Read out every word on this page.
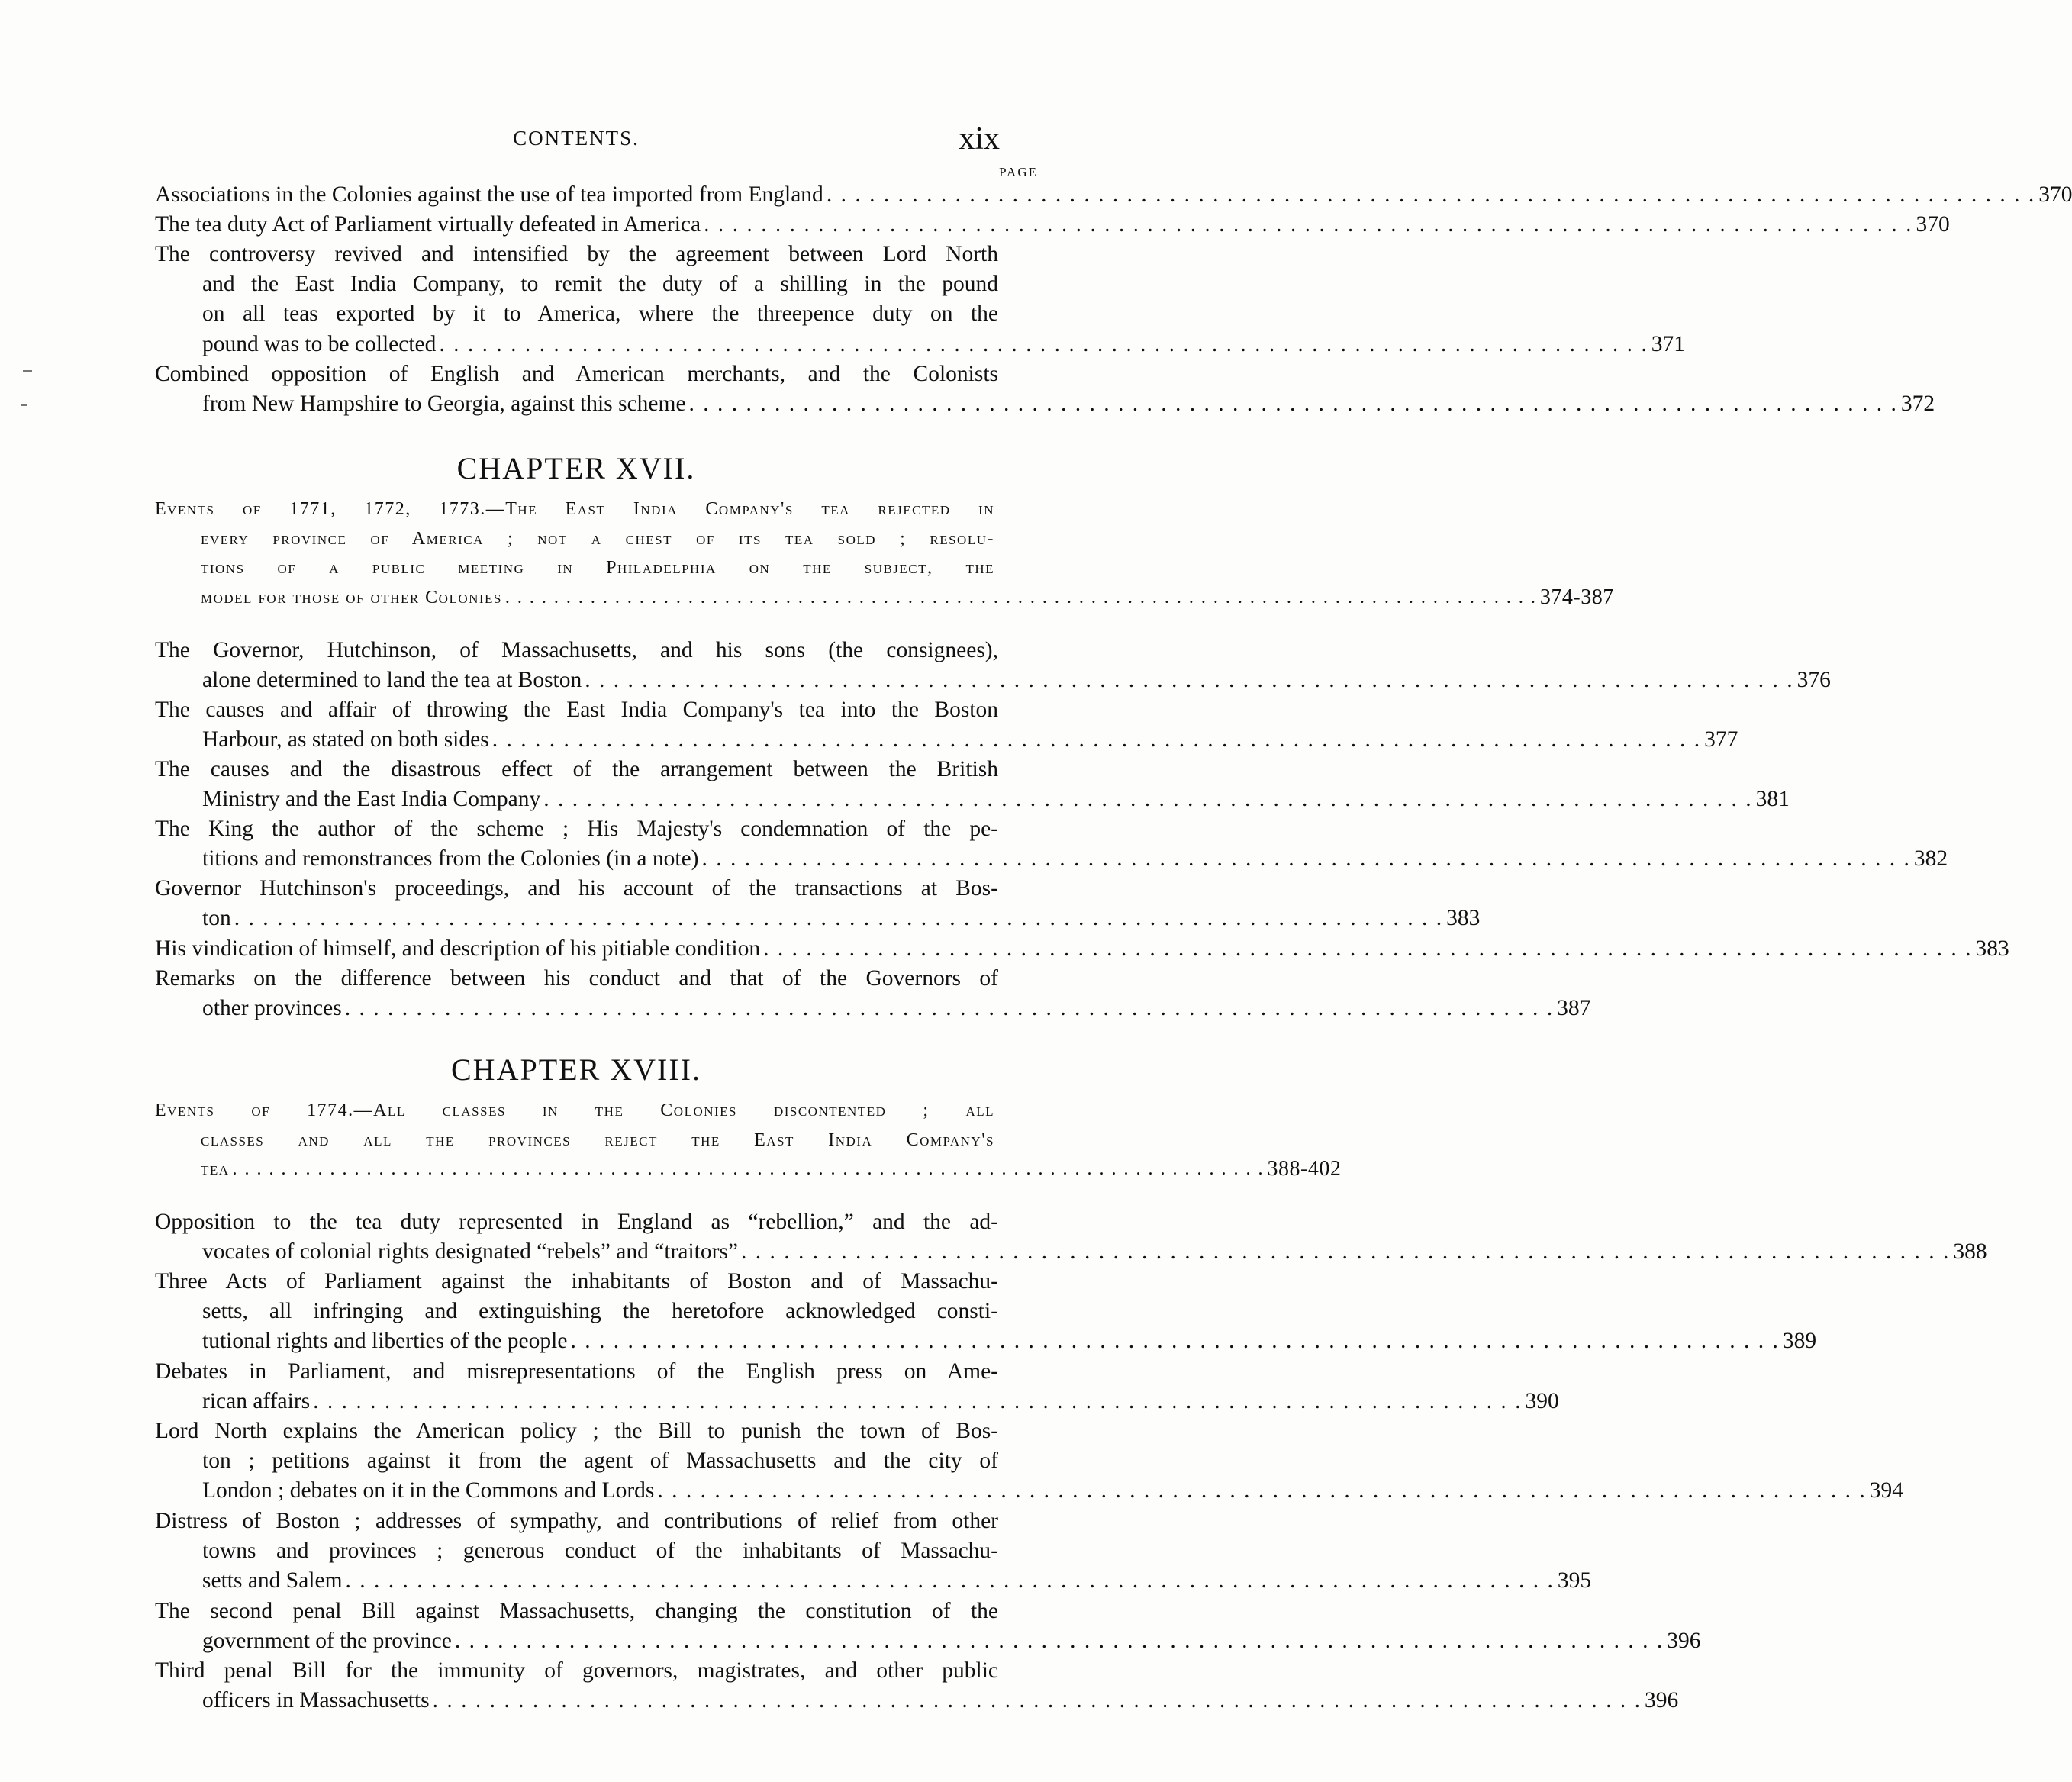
CONTENTS.	xix
PAGE
Associations in the Colonies against the use of tea imported from England . . . . . . . . . . . . . . . . . . . . . . . . . . . . . . . . . . . . . . . . . . . . . . . . . . . . . . . . . . . . . . . . . . . . . . . . . . . . . . . . . . . . . 370
The tea duty Act of Parliament virtually defeated in America . . . . . . . . . . . . . . . . . . . . . . . . . . . . . . . . . . . . . . . . . . . . . . . . . . . . . . . . . . . . . . . . . . . . . . . . . . . . . . . . . . . . . 370
The controversy revived and intensified by the agreement between Lord North
and the East India Company, to remit the duty of a shilling in the pound
on all teas exported by it to America, where the threepence duty on the
pound was to be collected . . . . . . . . . . . . . . . . . . . . . . . . . . . . . . . . . . . . . . . . . . . . . . . . . . . . . . . . . . . . . . . . . . . . . . . . . . . . . . . . . . . . . 371
Combined opposition of English and American merchants, and the Colonists
from New Hampshire to Georgia, against this scheme . . . . . . . . . . . . . . . . . . . . . . . . . . . . . . . . . . . . . . . . . . . . . . . . . . . . . . . . . . . . . . . . . . . . . . . . . . . . . . . . . . . . . 372
CHAPTER XVII.
Events of 1771, 1772, 1773.—The East India Company's tea rejected in
every province of America ; not a chest of its tea sold ; resolu-
tions of a public meeting in Philadelphia on the subject, the
model for those of other Colonies . . . . . . . . . . . . . . . . . . . . . . . . . . . . . . . . . . . . . . . . . . . . . . . . . . . . . . . . . . . . . . . . . . . . . . . . . . . . . . . . . . . . . 374-387
The Governor, Hutchinson, of Massachusetts, and his sons (the consignees),
alone determined to land the tea at Boston . . . . . . . . . . . . . . . . . . . . . . . . . . . . . . . . . . . . . . . . . . . . . . . . . . . . . . . . . . . . . . . . . . . . . . . . . . . . . . . . . . . . . 376
The causes and affair of throwing the East India Company's tea into the Boston
Harbour, as stated on both sides . . . . . . . . . . . . . . . . . . . . . . . . . . . . . . . . . . . . . . . . . . . . . . . . . . . . . . . . . . . . . . . . . . . . . . . . . . . . . . . . . . . . . 377
The causes and the disastrous effect of the arrangement between the British
Ministry and the East India Company . . . . . . . . . . . . . . . . . . . . . . . . . . . . . . . . . . . . . . . . . . . . . . . . . . . . . . . . . . . . . . . . . . . . . . . . . . . . . . . . . . . . . 381
The King the author of the scheme ; His Majesty's condemnation of the pe-
titions and remonstrances from the Colonies (in a note) . . . . . . . . . . . . . . . . . . . . . . . . . . . . . . . . . . . . . . . . . . . . . . . . . . . . . . . . . . . . . . . . . . . . . . . . . . . . . . . . . . . . . 382
Governor Hutchinson's proceedings, and his account of the transactions at Bos-
ton . . . . . . . . . . . . . . . . . . . . . . . . . . . . . . . . . . . . . . . . . . . . . . . . . . . . . . . . . . . . . . . . . . . . . . . . . . . . . . . . . . . . . 383
His vindication of himself, and description of his pitiable condition . . . . . . . . . . . . . . . . . . . . . . . . . . . . . . . . . . . . . . . . . . . . . . . . . . . . . . . . . . . . . . . . . . . . . . . . . . . . . . . . . . . . . 383
Remarks on the difference between his conduct and that of the Governors of
other provinces . . . . . . . . . . . . . . . . . . . . . . . . . . . . . . . . . . . . . . . . . . . . . . . . . . . . . . . . . . . . . . . . . . . . . . . . . . . . . . . . . . . . . 387
CHAPTER XVIII.
Events of 1774.—All classes in the Colonies discontented ; all
classes and all the provinces reject the East India Company's
tea . . . . . . . . . . . . . . . . . . . . . . . . . . . . . . . . . . . . . . . . . . . . . . . . . . . . . . . . . . . . . . . . . . . . . . . . . . . . . . . . . . . . . 388-402
Opposition to the tea duty represented in England as “rebellion,” and the ad-
vocates of colonial rights designated “rebels” and “traitors” . . . . . . . . . . . . . . . . . . . . . . . . . . . . . . . . . . . . . . . . . . . . . . . . . . . . . . . . . . . . . . . . . . . . . . . . . . . . . . . . . . . . . 388
Three Acts of Parliament against the inhabitants of Boston and of Massachu-
setts, all infringing and extinguishing the heretofore acknowledged consti-
tutional rights and liberties of the people . . . . . . . . . . . . . . . . . . . . . . . . . . . . . . . . . . . . . . . . . . . . . . . . . . . . . . . . . . . . . . . . . . . . . . . . . . . . . . . . . . . . . 389
Debates in Parliament, and misrepresentations of the English press on Ame-
rican affairs . . . . . . . . . . . . . . . . . . . . . . . . . . . . . . . . . . . . . . . . . . . . . . . . . . . . . . . . . . . . . . . . . . . . . . . . . . . . . . . . . . . . . 390
Lord North explains the American policy ; the Bill to punish the town of Bos-
ton ; petitions against it from the agent of Massachusetts and the city of
London ; debates on it in the Commons and Lords . . . . . . . . . . . . . . . . . . . . . . . . . . . . . . . . . . . . . . . . . . . . . . . . . . . . . . . . . . . . . . . . . . . . . . . . . . . . . . . . . . . . . 394
Distress of Boston ; addresses of sympathy, and contributions of relief from other
towns and provinces ; generous conduct of the inhabitants of Massachu-
setts and Salem . . . . . . . . . . . . . . . . . . . . . . . . . . . . . . . . . . . . . . . . . . . . . . . . . . . . . . . . . . . . . . . . . . . . . . . . . . . . . . . . . . . . . 395
The second penal Bill against Massachusetts, changing the constitution of the
government of the province . . . . . . . . . . . . . . . . . . . . . . . . . . . . . . . . . . . . . . . . . . . . . . . . . . . . . . . . . . . . . . . . . . . . . . . . . . . . . . . . . . . . . 396
Third penal Bill for the immunity of governors, magistrates, and other public
officers in Massachusetts . . . . . . . . . . . . . . . . . . . . . . . . . . . . . . . . . . . . . . . . . . . . . . . . . . . . . . . . . . . . . . . . . . . . . . . . . . . . . . . . . . . . . 396
